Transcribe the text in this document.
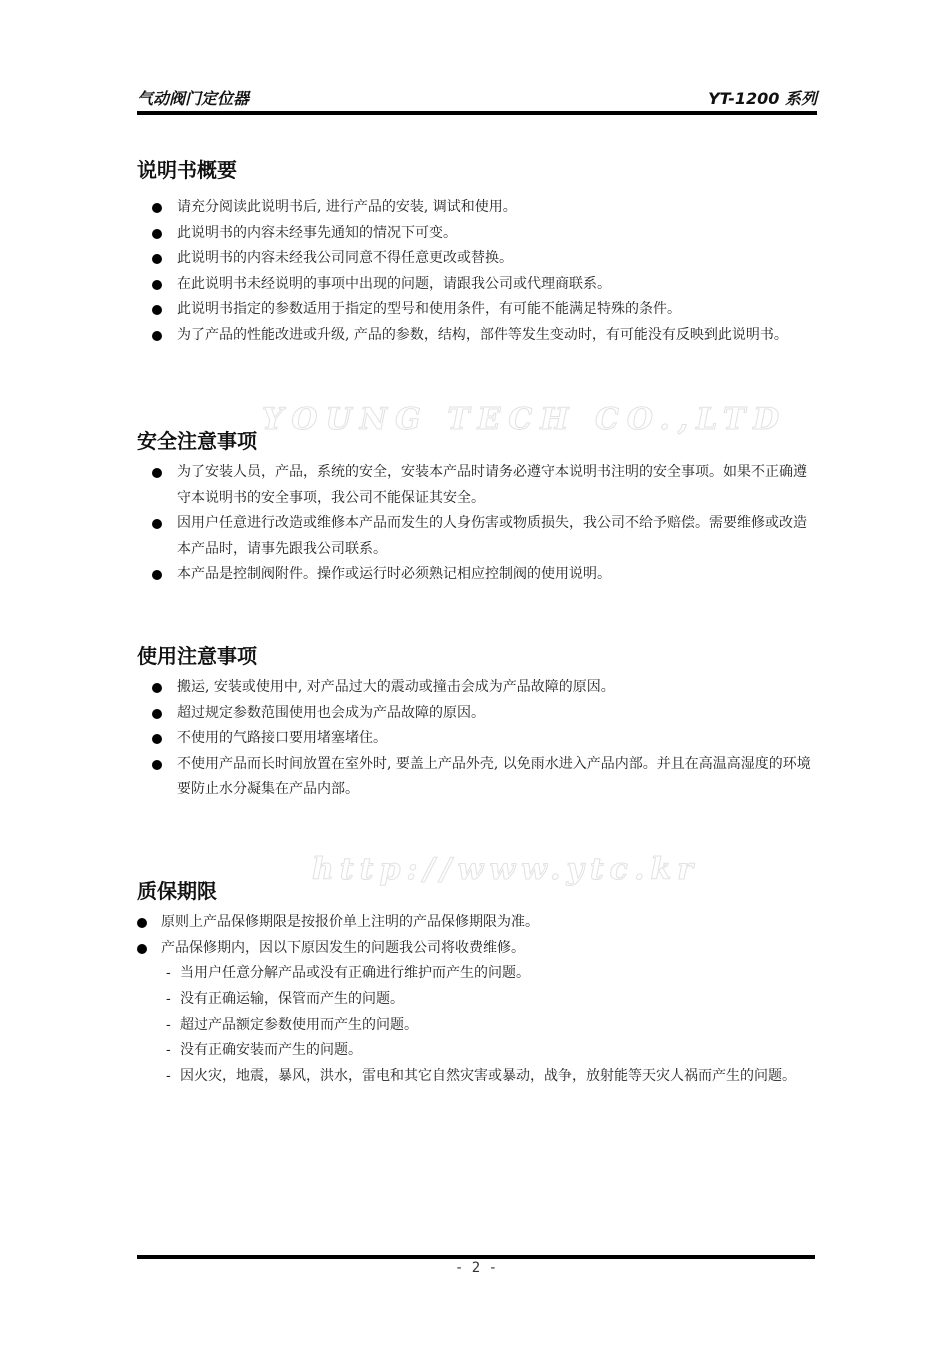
气动阀门定位器	YT-1200 系列
YOUNG TECH CO.,LTD
http://www.ytc.kr
说明书概要
请充分阅读此说明书后, 进行产品的安装, 调试和使用。
此说明书的内容未经事先通知的情况下可变。
此说明书的内容未经我公司同意不得任意更改或替换。
在此说明书未经说明的事项中出现的问题，请跟我公司或代理商联系。
此说明书指定的参数适用于指定的型号和使用条件，有可能不能满足特殊的条件。
为了产品的性能改进或升级, 产品的参数，结构，部件等发生变动时，有可能没有反映到此说明书。
安全注意事项
为了安装人员，产品，系统的安全，安装本产品时请务必遵守本说明书注明的安全事项。如果不正确遵守本说明书的安全事项，我公司不能保证其安全。
因用户任意进行改造或维修本产品而发生的人身伤害或物质损失，我公司不给予赔偿。需要维修或改造本产品时，请事先跟我公司联系。
本产品是控制阀附件。操作或运行时必须熟记相应控制阀的使用说明。
使用注意事项
搬运, 安装或使用中, 对产品过大的震动或撞击会成为产品故障的原因。
超过规定参数范围使用也会成为产品故障的原因。
不使用的气路接口要用堵塞堵住。
不使用产品而长时间放置在室外时, 要盖上产品外壳, 以免雨水进入产品内部。并且在高温高湿度的环境要防止水分凝集在产品内部。
质保期限
原则上产品保修期限是按报价单上注明的产品保修期限为准。
产品保修期内，因以下原因发生的问题我公司将收费维修。
- 当用户任意分解产品或没有正确进行维护而产生的问题。
- 没有正确运输，保管而产生的问题。
- 超过产品额定参数使用而产生的问题。
- 没有正确安装而产生的问题。
- 因火灾，地震，暴风，洪水，雷电和其它自然灾害或暴动，战争，放射能等天灾人祸而产生的问题。
- 2 -
